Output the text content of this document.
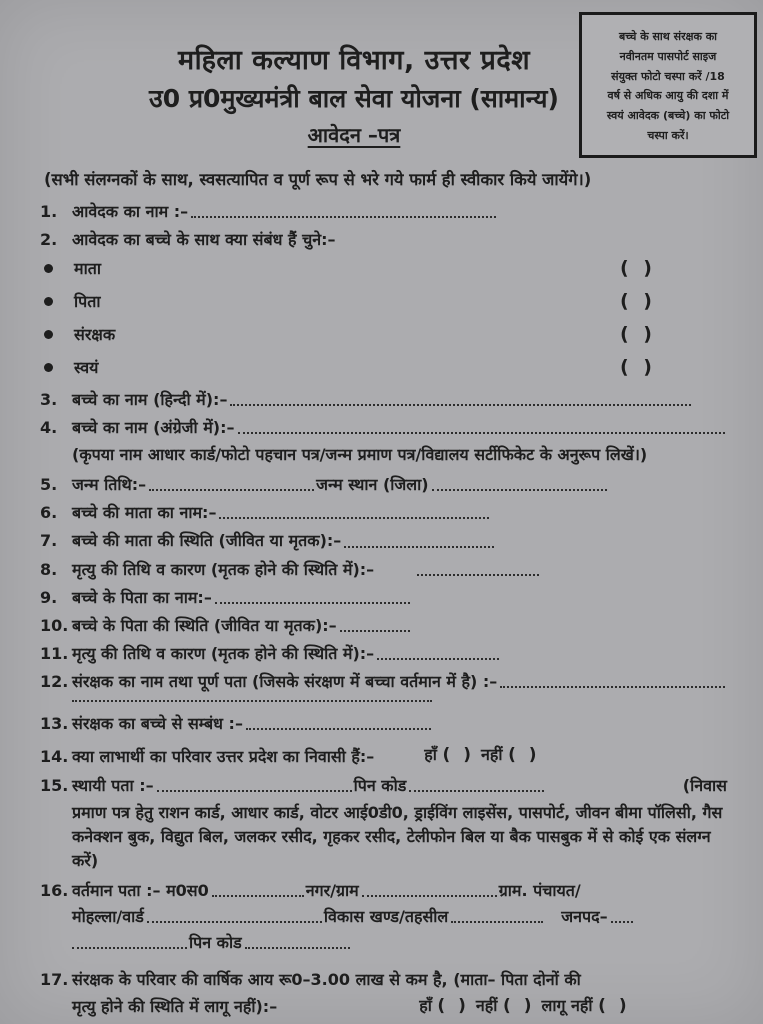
बच्चे के साथ संरक्षक का
नवीनतम पासपोर्ट साइज
संयुक्त फोटो चस्पा करें /18
वर्ष से अधिक आयु की दशा में
स्वयं आवेदक (बच्चे) का फोटो
चस्पा करें।
महिला कल्याण विभाग, उत्तर प्रदेश
उ0 प्र0मुख्यमंत्री बाल सेवा योजना (सामान्य)
आवेदन –पत्र
(सभी संलग्नकों के साथ, स्वसत्यापित व पूर्ण रूप से भरे गये फार्म ही स्वीकार किये जायेंगे।)
1. आवेदक का नाम :–
2. आवेदक का बच्चे के साथ क्या संबंध हैं चुने:–
माता	( )
पिता	( )
संरक्षक	( )
स्वयं	( )
3. बच्चे का नाम (हिन्दी में):–
4. बच्चे का नाम (अंग्रेजी में):–
(कृपया नाम आधार कार्ड/फोटो पहचान पत्र/जन्म प्रमाण पत्र/विद्यालय सर्टीफिकेट के अनुरूप लिखें।)
5. जन्म तिथि:–	जन्म स्थान (जिला)
6. बच्चे की माता का नाम:–
7. बच्चे की माता की स्थिति (जीवित या मृतक):–
8. मृत्यु की तिथि व कारण (मृतक होने की स्थिति में):–
9. बच्चे के पिता का नाम:–
10. बच्चे के पिता की स्थिति (जीवित या मृतक):–
11. मृत्यु की तिथि व कारण (मृतक होने की स्थिति में):–
12. संरक्षक का नाम तथा पूर्ण पता (जिसके संरक्षण में बच्चा वर्तमान में है) :–
13. संरक्षक का बच्चे से सम्बंध :–
14. क्या लाभार्थी का परिवार उत्तर प्रदेश का निवासी हैं:–	हाँ ( ) नहीं ( )
15. स्थायी पता :–	पिन कोड	(निवास
प्रमाण पत्र हेतु राशन कार्ड, आधार कार्ड, वोटर आई0डी0, ड्राईविंग लाइसेंस, पासपोर्ट, जीवन बीमा पॉलिसी, गैस कनेक्शन बुक, विद्युत बिल, जलकर रसीद, गृहकर रसीद, टेलीफोन बिल या बैक पासबुक में से कोई एक संलग्न करें)
16. वर्तमान पता :– म0स0	नगर/ग्राम	ग्राम. पंचायत/
मोहल्ला/वार्ड	विकास खण्ड/तहसील	जनपद–
पिन कोड
17. संरक्षक के परिवार की वार्षिक आय रू0–3.00 लाख से कम है, (माता– पिता दोनों की
मृत्यु होने की स्थिति में लागू नहीं):–	हाँ ( ) नहीं ( ) लागू नहीं ( )
